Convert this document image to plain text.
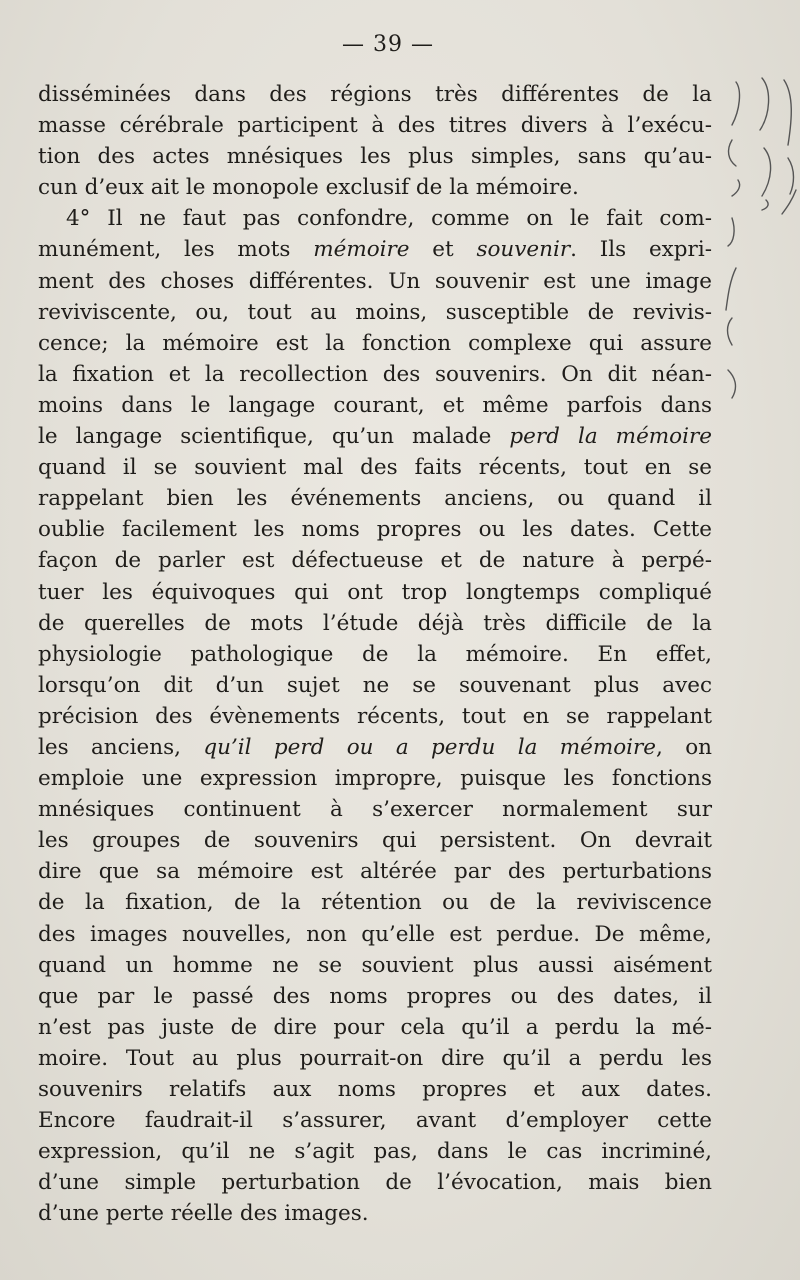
— 39 —
disséminées dans des régions très différentes de la
masse cérébrale participent à des titres divers à l’exécu-
tion des actes mnésiques les plus simples, sans qu’au-
cun d’eux ait le monopole exclusif de la mémoire.
4° Il ne faut pas confondre, comme on le fait com-
munément, les mots mémoire et souvenir. Ils expri-
ment des choses différentes. Un souvenir est une image
reviviscente, ou, tout au moins, susceptible de revivis-
cence; la mémoire est la fonction complexe qui assure
la fixation et la recollection des souvenirs. On dit néan-
moins dans le langage courant, et même parfois dans
le langage scientifique, qu’un malade perd la mémoire
quand il se souvient mal des faits récents, tout en se
rappelant bien les événements anciens, ou quand il
oublie facilement les noms propres ou les dates. Cette
façon de parler est défectueuse et de nature à perpé-
tuer les équivoques qui ont trop longtemps compliqué
de querelles de mots l’étude déjà très difficile de la
physiologie pathologique de la mémoire. En effet,
lorsqu’on dit d’un sujet ne se souvenant plus avec
précision des évènements récents, tout en se rappelant
les anciens, qu’il perd ou a perdu la mémoire, on
emploie une expression impropre, puisque les fonctions
mnésiques continuent à s’exercer normalement sur
les groupes de souvenirs qui persistent. On devrait
dire que sa mémoire est altérée par des perturbations
de la fixation, de la rétention ou de la reviviscence
des images nouvelles, non qu’elle est perdue. De même,
quand un homme ne se souvient plus aussi aisément
que par le passé des noms propres ou des dates, il
n’est pas juste de dire pour cela qu’il a perdu la mé-
moire. Tout au plus pourrait-on dire qu’il a perdu les
souvenirs relatifs aux noms propres et aux dates.
Encore faudrait-il s’assurer, avant d’employer cette
expression, qu’il ne s’agit pas, dans le cas incriminé,
d’une simple perturbation de l’évocation, mais bien
d’une perte réelle des images.
